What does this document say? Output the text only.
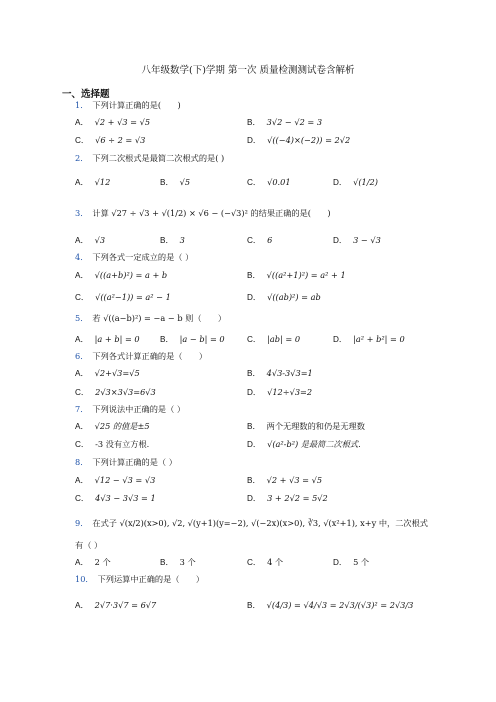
八年级数学(下)学期 第一次 质量检测测试卷含解析
一、选择题
1． 下列计算正确的是(　　)
A． √2 + √3 = √5	B． 3√2 − √2 = 3
C． √6 ÷ 2 = √3	D． √((−4)×(−2)) = 2√2
2． 下列二次根式是最简二次根式的是( )
A． √12	B． √5	C． √0.01	D． √(1/2)
3． 计算 √27 ÷ √3 + √(1/2) × √6 − (−√3)² 的结果正确的是(　　)
A． √3	B． 3	C． 6	D． 3 − √3
4． 下列各式一定成立的是（ ）
A． √((a+b)²) = a + b	B． √((a²+1)²) = a² + 1
C． √((a²−1)) = a² − 1	D． √((ab)²) = ab
5． 若 √((a−b)²) = −a − b 则（　　）
A． |a + b| = 0 B． |a − b| = 0	C． |ab| = 0	D． |a² + b²| = 0
6． 下列各式计算正确的是（　　）
A． √2+√3=√5	B． 4√3-3√3=1
C． 2√3×3√3=6√3	D． √12÷√3=2
7． 下列说法中正确的是（ ）
A． √25 的值是±5	B． 两个无理数的和仍是无理数
C． -3 没有立方根.	D． √(a²-b²) 是最简二次根式.
8． 下列计算正确的是（ ）
A． √12 − √3 = √3	B． √2 + √3 = √5
C． 4√3 − 3√3 = 1	D． 3 + 2√2 = 5√2
9． 在式子 √(x/2)(x>0), √2, √(y+1)(y=−2), √(−2x)(x>0), ∛3, √(x²+1), x+y 中，二次根式
有（ ）
A． 2 个	B． 3 个	C． 4 个	D． 5 个
10． 下列运算中正确的是（　　）
A． 2√7·3√7 = 6√7	B． √(4/3) = √4/√3 = 2√3/(√3)² = 2√3/3
